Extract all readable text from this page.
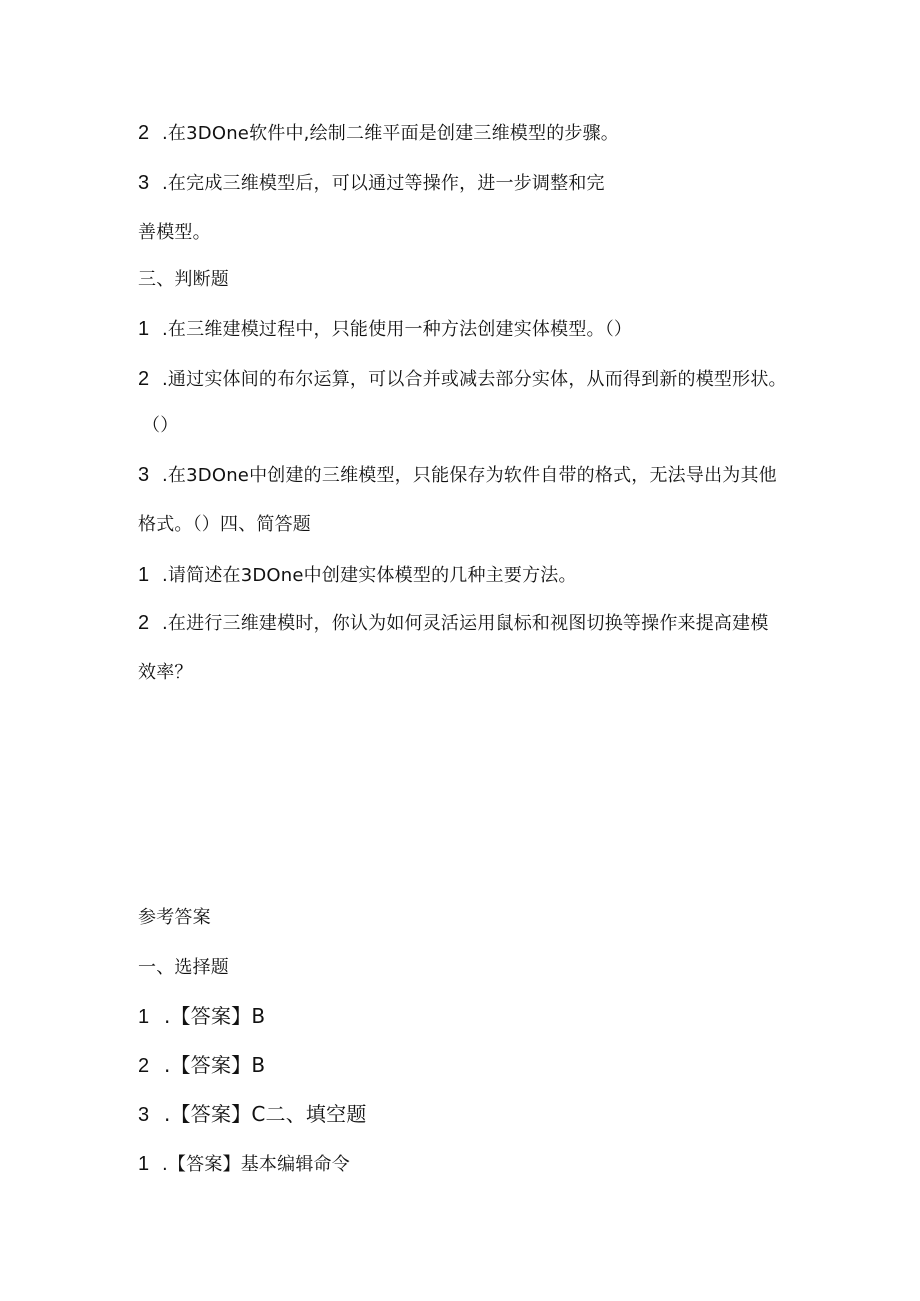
2 .在3DOne软件中,绘制二维平面是创建三维模型的步骤。
3 .在完成三维模型后，可以通过等操作，进一步调整和完
善模型。
三、判断题
1 .在三维建模过程中，只能使用一种方法创建实体模型。（）
2 .通过实体间的布尔运算，可以合并或减去部分实体，从而得到新的模型形状。
（）
3 .在3DOne中创建的三维模型，只能保存为软件自带的格式，无法导出为其他
格式。（）四、简答题
1 .请简述在3DOne中创建实体模型的几种主要方法。
2 .在进行三维建模时，你认为如何灵活运用鼠标和视图切换等操作来提高建模
效率？
参考答案
一、选择题
1 .【答案】B
2 .【答案】B
3 .【答案】C二、填空题
1 .【答案】基本编辑命令
